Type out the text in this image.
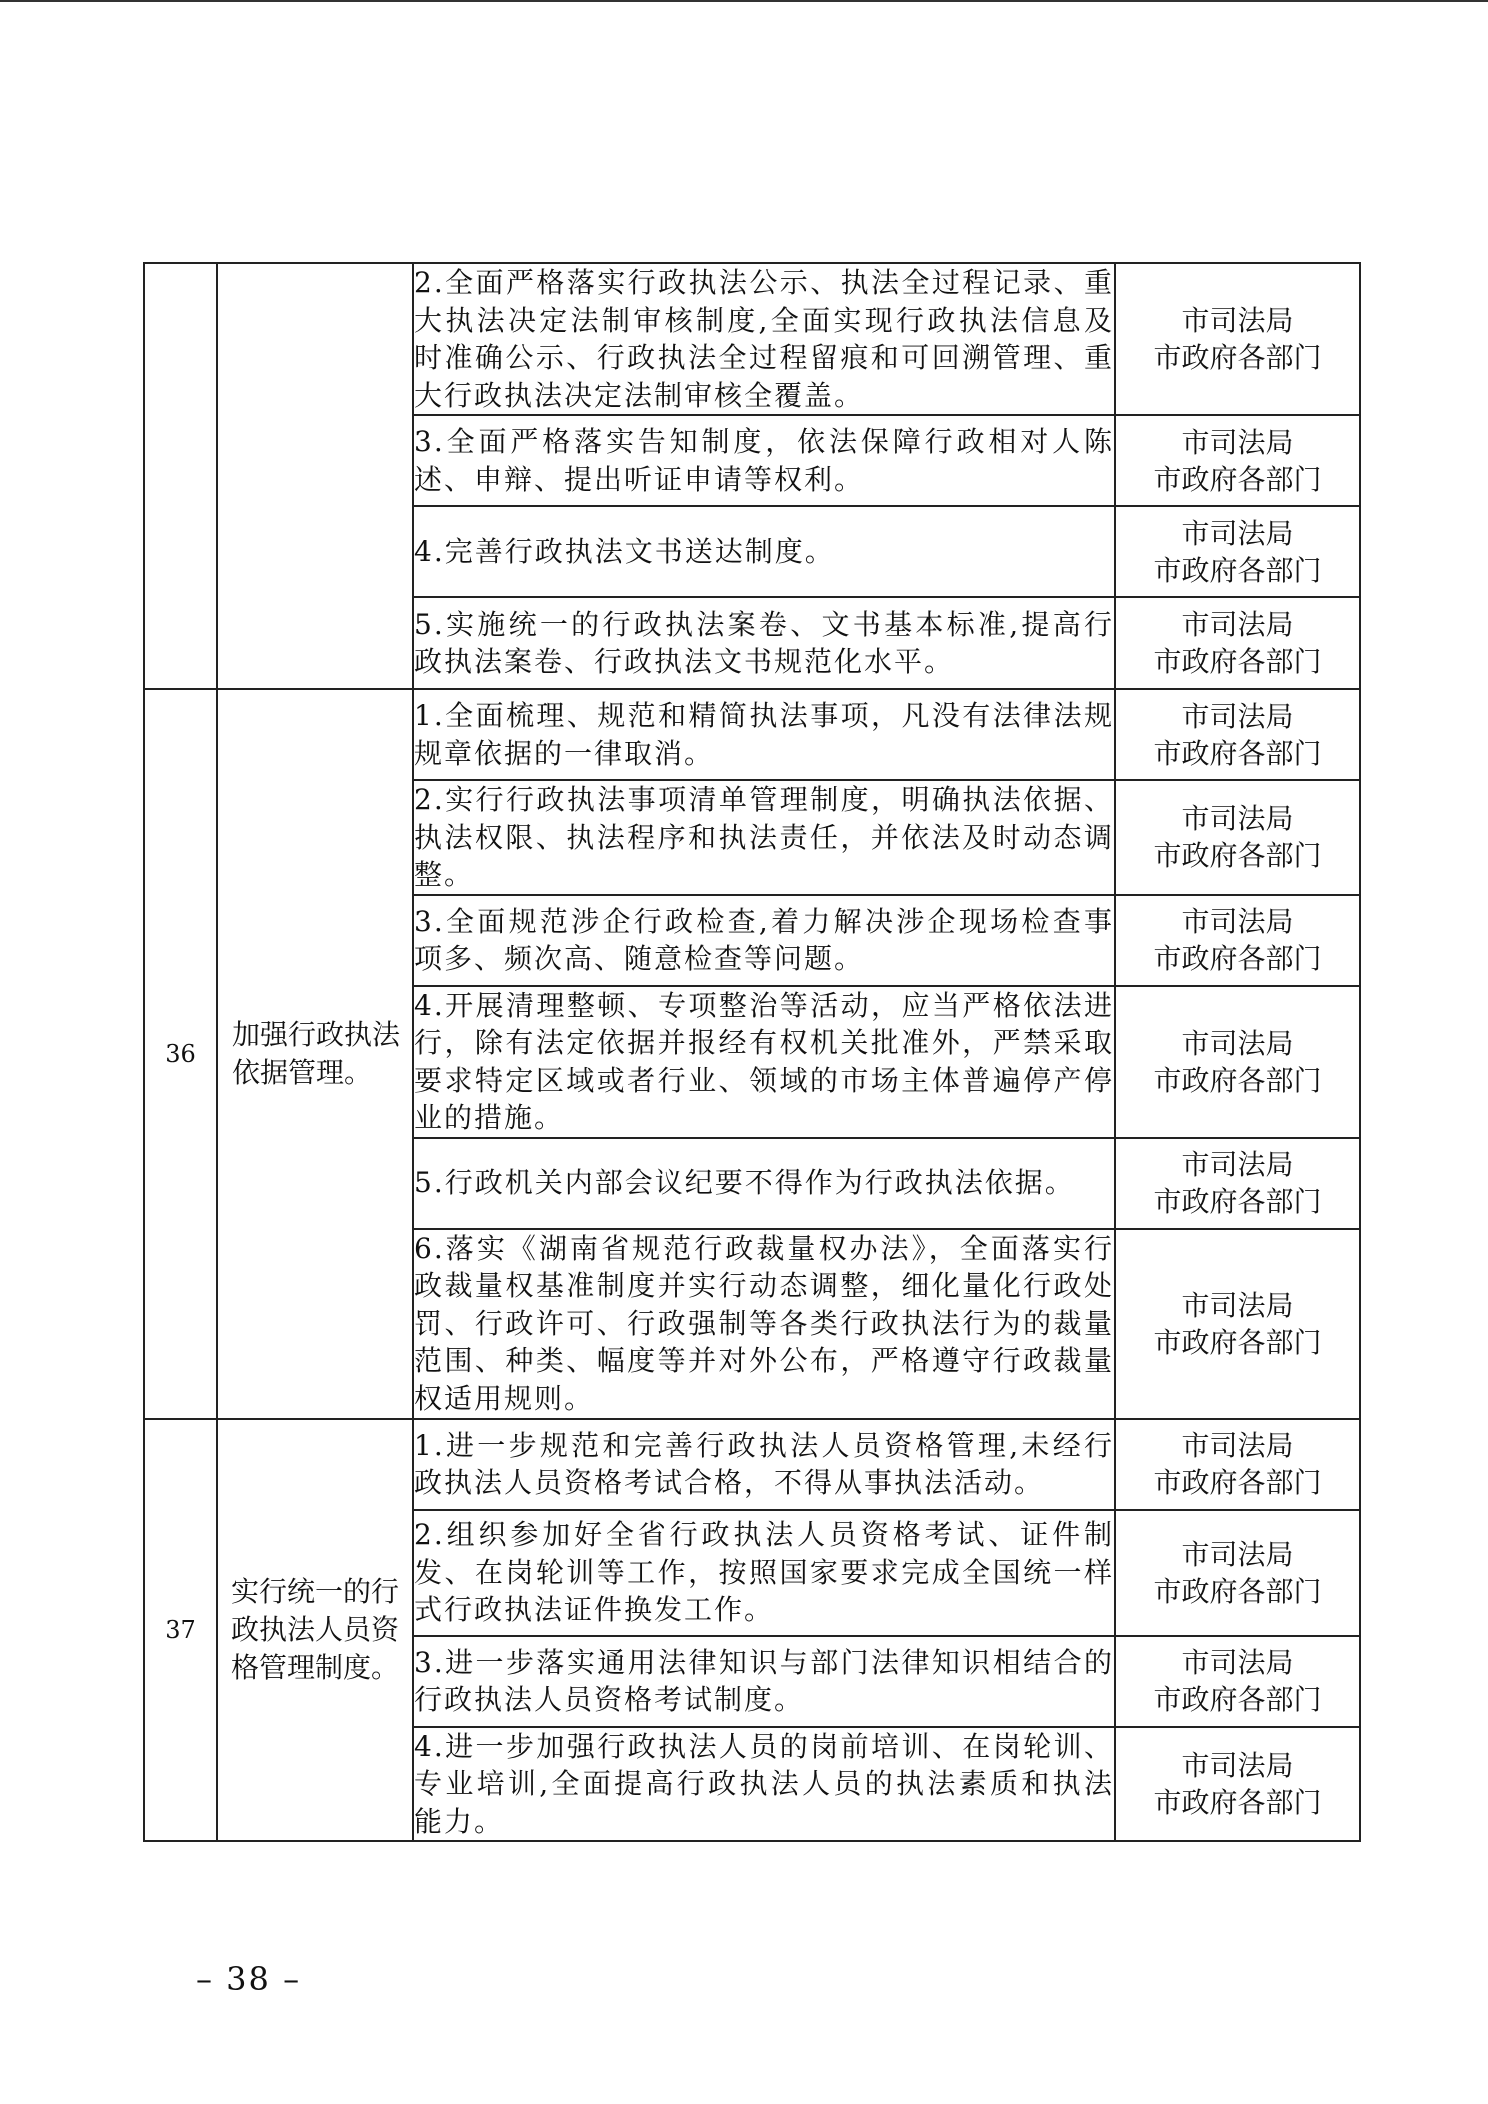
		2.全面严格落实行政执法公示、执法全过程记录、重大执法决定法制审核制度,全面实现行政执法信息及时准确公示、行政执法全过程留痕和可回溯管理、重大行政执法决定法制审核全覆盖。	市司法局
市政府各部门

		3.全面严格落实告知制度，依法保障行政相对人陈述、申辩、提出听证申请等权利。	市司法局
市政府各部门

		4.完善行政执法文书送达制度。	市司法局
市政府各部门

		5.实施统一的行政执法案卷、文书基本标准,提高行政执法案卷、行政执法文书规范化水平。	市司法局
市政府各部门

36	加强行政执法依据管理。	1.全面梳理、规范和精简执法事项，凡没有法律法规规章依据的一律取消。	市司法局
市政府各部门

		2.实行行政执法事项清单管理制度，明确执法依据、执法权限、执法程序和执法责任，并依法及时动态调整。	市司法局
市政府各部门

		3.全面规范涉企行政检查,着力解决涉企现场检查事项多、频次高、随意检查等问题。	市司法局
市政府各部门

		4.开展清理整顿、专项整治等活动，应当严格依法进行，除有法定依据并报经有权机关批准外，严禁采取要求特定区域或者行业、领域的市场主体普遍停产停业的措施。	市司法局
市政府各部门

		5.行政机关内部会议纪要不得作为行政执法依据。	市司法局
市政府各部门

		6.落实《湖南省规范行政裁量权办法》，全面落实行政裁量权基准制度并实行动态调整，细化量化行政处罚、行政许可、行政强制等各类行政执法行为的裁量范围、种类、幅度等并对外公布，严格遵守行政裁量权适用规则。	市司法局
市政府各部门

37	实行统一的行政执法人员资格管理制度。	1.进一步规范和完善行政执法人员资格管理,未经行政执法人员资格考试合格，不得从事执法活动。	市司法局
市政府各部门

		2.组织参加好全省行政执法人员资格考试、证件制发、在岗轮训等工作，按照国家要求完成全国统一样式行政执法证件换发工作。	市司法局
市政府各部门

		3.进一步落实通用法律知识与部门法律知识相结合的行政执法人员资格考试制度。	市司法局
市政府各部门

		4.进一步加强行政执法人员的岗前培训、在岗轮训、专业培训,全面提高行政执法人员的执法素质和执法能力。	市司法局
市政府各部门
– 38 –
